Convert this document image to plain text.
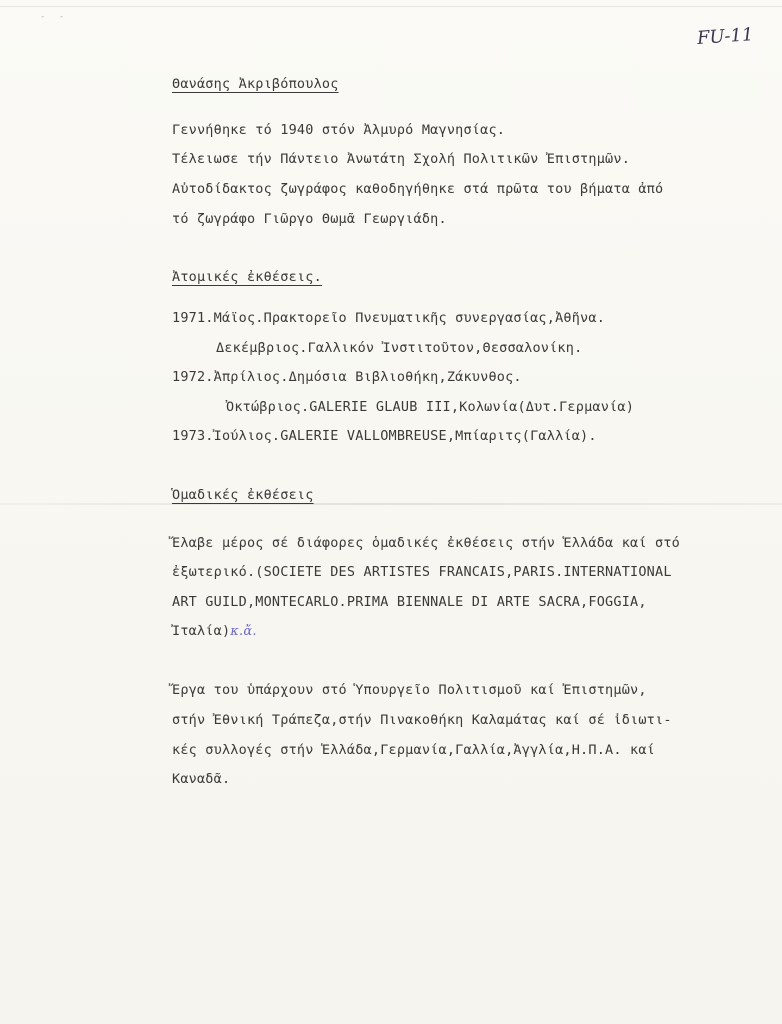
- -
FU-11
Θανάσης Ἀκριβόπουλος
Γεννήθηκε τό 1940 στόν Ἀλμυρό Μαγνησίας.
Τέλειωσε τήν Πάντειο Ἀνωτάτη Σχολή Πολιτικῶν Ἐπιστημῶν.
Αὐτοδίδακτος ζωγράφος καθοδηγήθηκε στά πρῶτα του βήματα ἀπό
τό ζωγράφο Γιῶργο Θωμᾶ Γεωργιάδη.
Ἀτομικές ἐκθέσεις.
1971.Μάϊος.Πρακτορεῖο Πνευματικῆς συνεργασίας,Ἀθῆνα.
Δεκέμβριος.Γαλλικόν Ἰνστιτοῦτον,Θεσσαλονίκη.
1972.Ἀπρίλιος.Δημόσια Βιβλιοθήκη,Ζάκυνθος.
Ὀκτώβριος.GALERIE GLAUB III,Κολωνία(Δυτ.Γερμανία)
1973.Ἰούλιος.GALERIE VALLOMBREUSE,Μπίαριτς(Γαλλία).
Ὁμαδικές ἐκθέσεις
Ἔλαβε μέρος σέ διάφορες ὁμαδικές ἐκθέσεις στήν Ἑλλάδα καί στό
ἐξωτερικό.(SOCIETE DES ARTISTES FRANCAIS,PARIS.INTERNATIONAL
ART GUILD,MONTECARLO.PRIMA BIENNALE DI ARTE SACRA,FOGGIA,
Ἰταλία)κ.ἄ.
Ἔργα του ὑπάρχουν στό Ὑπουργεῖο Πολιτισμοῦ καί Ἐπιστημῶν,
στήν Ἐθνική Τράπεζα,στήν Πινακοθήκη Καλαμάτας καί σέ ἰδιωτι-
κές συλλογές στήν Ἑλλάδα,Γερμανία,Γαλλία,Ἀγγλία,Η.Π.Α. καί
Καναδᾶ.
